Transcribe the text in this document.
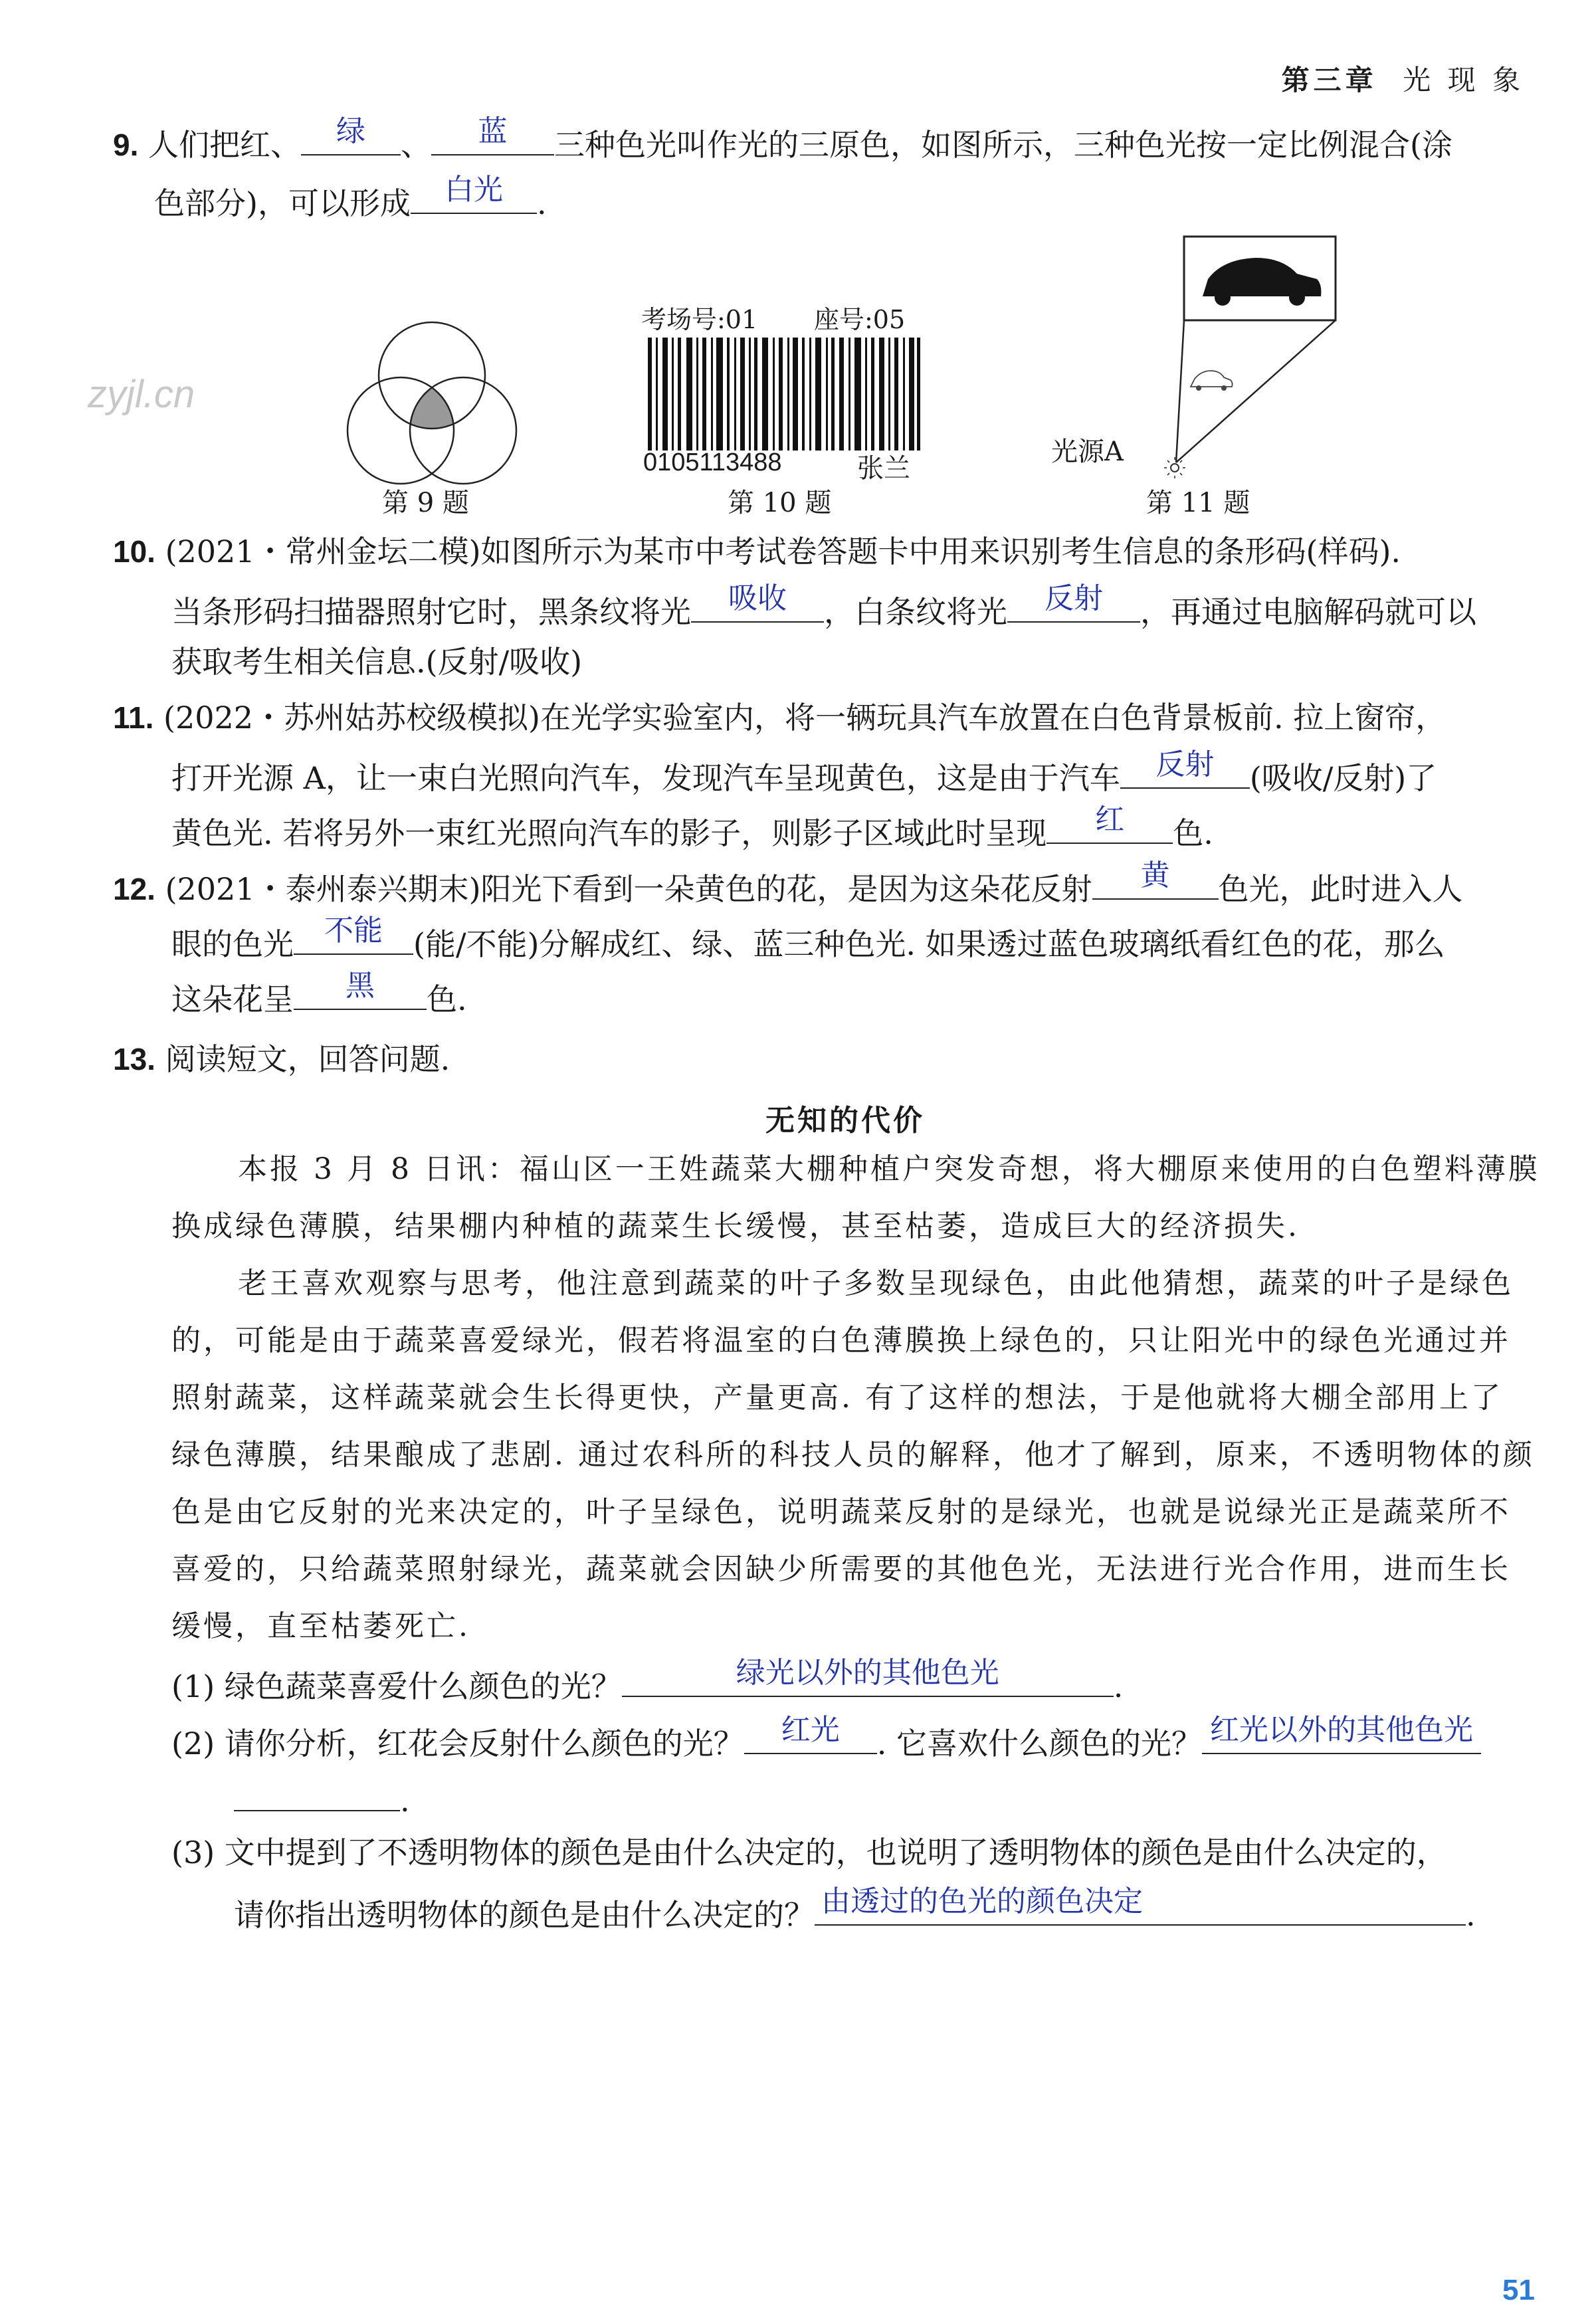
第三章 光 现 象
9. 人们把红、	绿	、	蓝	三种色光叫作光的三原色，如图所示，三种色光按一定比例混合(涂
色部分)，可以形成	白光	.
zyjl.cn
第 9 题
考场号:01 座号:05
0105113488	张兰
第 10 题
光源A
第 11 题
10. (2021・常州金坛二模)如图所示为某市中考试卷答题卡中用来识别考生信息的条形码(样码).
当条形码扫描器照射它时，黑条纹将光	吸收	，白条纹将光	反射	，再通过电脑解码就可以
获取考生相关信息.(反射/吸收)
11. (2022・苏州姑苏校级模拟)在光学实验室内，将一辆玩具汽车放置在白色背景板前. 拉上窗帘，
打开光源 A，让一束白光照向汽车，发现汽车呈现黄色，这是由于汽车	反射	(吸收/反射)了
黄色光. 若将另外一束红光照向汽车的影子，则影子区域此时呈现	红	色.
12. (2021・泰州泰兴期末)阳光下看到一朵黄色的花，是因为这朵花反射	黄	色光，此时进入人
眼的色光	不能	(能/不能)分解成红、绿、蓝三种色光. 如果透过蓝色玻璃纸看红色的花，那么
这朵花呈	黑	色.
13. 阅读短文，回答问题.
无知的代价
本报 3 月 8 日讯：福山区一王姓蔬菜大棚种植户突发奇想，将大棚原来使用的白色塑料薄膜
换成绿色薄膜，结果棚内种植的蔬菜生长缓慢，甚至枯萎，造成巨大的经济损失.
老王喜欢观察与思考，他注意到蔬菜的叶子多数呈现绿色，由此他猜想，蔬菜的叶子是绿色
的，可能是由于蔬菜喜爱绿光，假若将温室的白色薄膜换上绿色的，只让阳光中的绿色光通过并
照射蔬菜，这样蔬菜就会生长得更快，产量更高. 有了这样的想法，于是他就将大棚全部用上了
绿色薄膜，结果酿成了悲剧. 通过农科所的科技人员的解释，他才了解到，原来，不透明物体的颜
色是由它反射的光来决定的，叶子呈绿色，说明蔬菜反射的是绿光，也就是说绿光正是蔬菜所不
喜爱的，只给蔬菜照射绿光，蔬菜就会因缺少所需要的其他色光，无法进行光合作用，进而生长
缓慢，直至枯萎死亡.
(1) 绿色蔬菜喜爱什么颜色的光？	绿光以外的其他色光	.
(2) 请你分析，红花会反射什么颜色的光？	红光	. 它喜欢什么颜色的光？ 红光以外的其他色光
.
(3) 文中提到了不透明物体的颜色是由什么决定的，也说明了透明物体的颜色是由什么决定的，
请你指出透明物体的颜色是由什么决定的？ 由透过的色光的颜色决定	.
51
